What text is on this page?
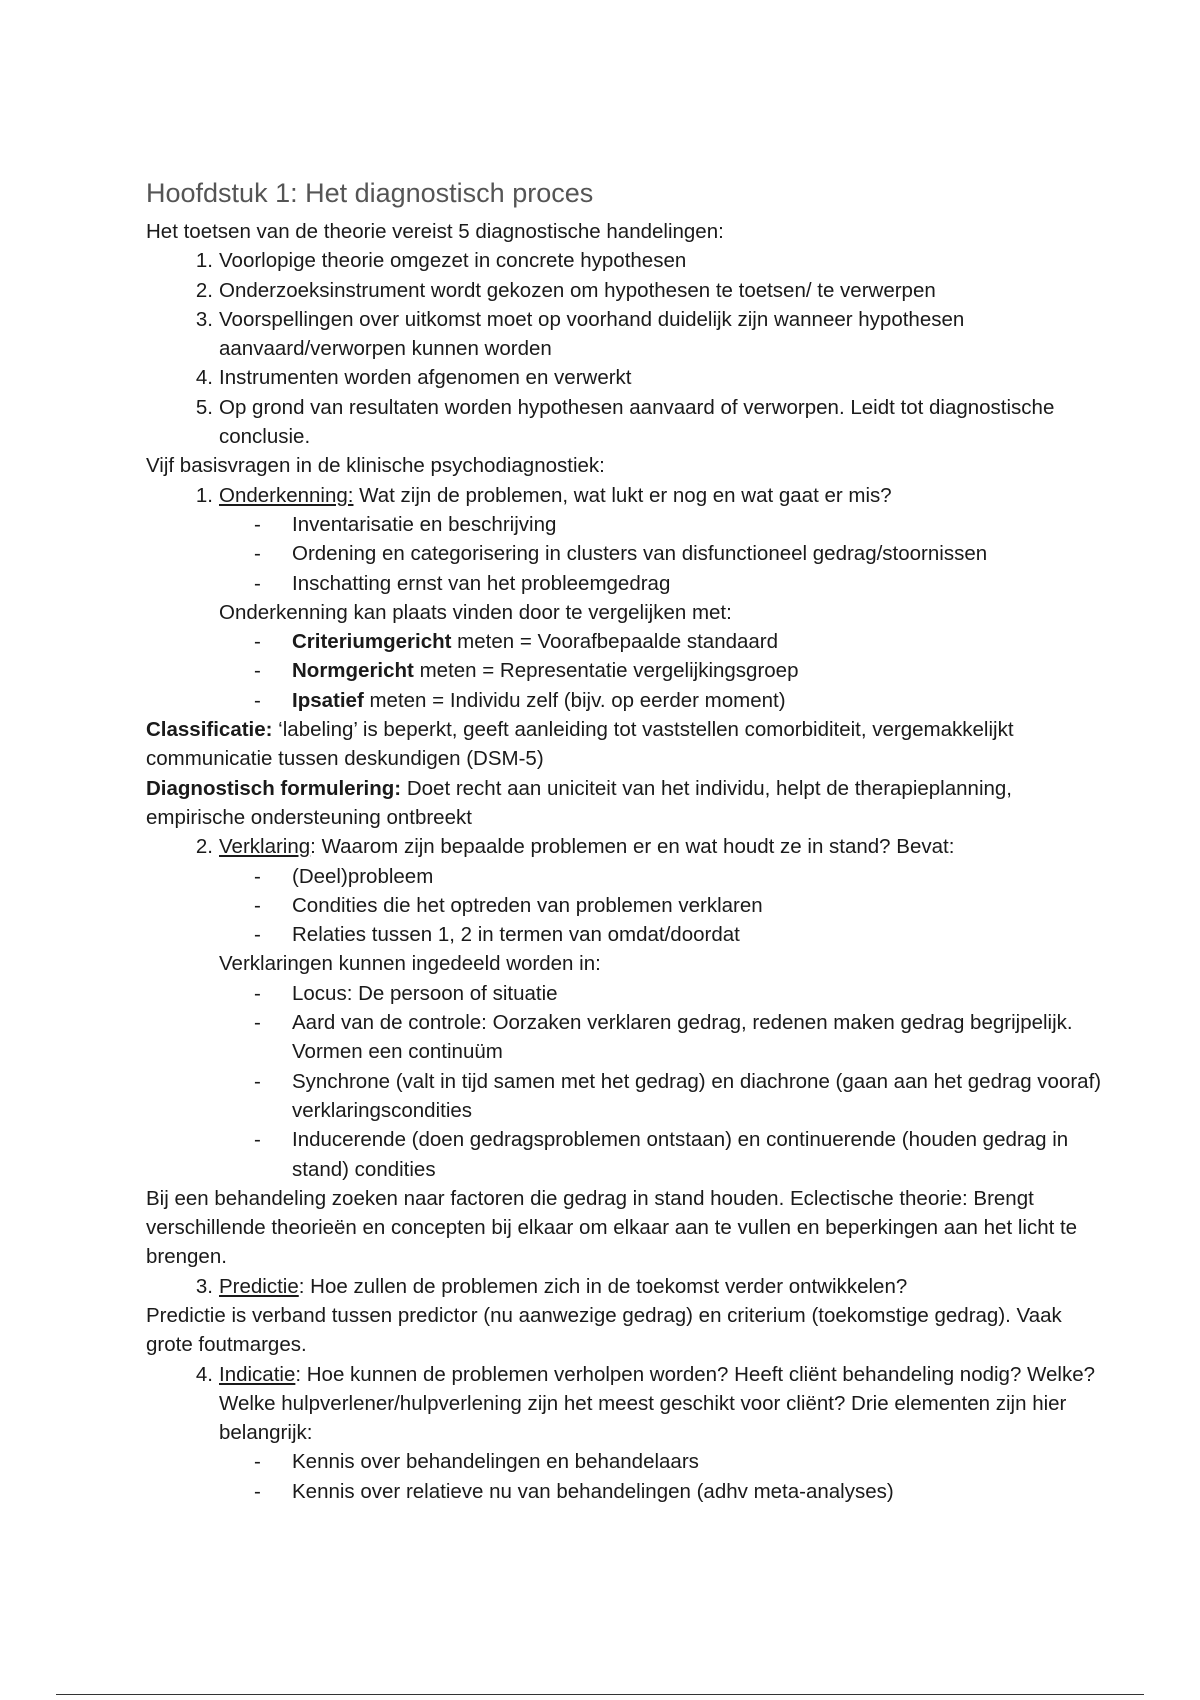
Hoofdstuk 1: Het diagnostisch proces

Het toetsen van de theorie vereist 5 diagnostische handelingen:

1. Voorlopige theorie omgezet in concrete hypothesen
2. Onderzoeksinstrument wordt gekozen om hypothesen te toetsen/ te verwerpen
3. Voorspellingen over uitkomst moet op voorhand duidelijk zijn wanneer hypothesen aanvaard/verworpen kunnen worden
4. Instrumenten worden afgenomen en verwerkt
5. Op grond van resultaten worden hypothesen aanvaard of verworpen. Leidt tot diagnostische conclusie.

Vijf basisvragen in de klinische psychodiagnostiek:

1. Onderkenning: Wat zijn de problemen, wat lukt er nog en wat gaat er mis?
- Inventarisatie en beschrijving
- Ordening en categorisering in clusters van disfunctioneel gedrag/stoornissen
- Inschatting ernst van het probleemgedrag

Onderkenning kan plaats vinden door te vergelijken met:

- Criteriumgericht meten = Voorafbepaalde standaard
- Normgericht meten = Representatie vergelijkingsgroep
- Ipsatief meten = Individu zelf (bijv. op eerder moment)

Classificatie: ‘labeling’ is beperkt, geeft aanleiding tot vaststellen comorbiditeit, vergemakkelijkt communicatie tussen deskundigen (DSM-5)

Diagnostisch formulering: Doet recht aan uniciteit van het individu, helpt de therapieplanning, empirische ondersteuning ontbreekt

2. Verklaring: Waarom zijn bepaalde problemen er en wat houdt ze in stand? Bevat:
- (Deel)probleem
- Condities die het optreden van problemen verklaren
- Relaties tussen 1, 2 in termen van omdat/doordat

Verklaringen kunnen ingedeeld worden in:

- Locus: De persoon of situatie
- Aard van de controle: Oorzaken verklaren gedrag, redenen maken gedrag begrijpelijk. Vormen een continuüm
- Synchrone (valt in tijd samen met het gedrag) en diachrone (gaan aan het gedrag vooraf) verklaringscondities
- Inducerende (doen gedragsproblemen ontstaan) en continuerende (houden gedrag in stand) condities

Bij een behandeling zoeken naar factoren die gedrag in stand houden. Eclectische theorie: Brengt verschillende theorieën en concepten bij elkaar om elkaar aan te vullen en beperkingen aan het licht te brengen.

3. Predictie: Hoe zullen de problemen zich in de toekomst verder ontwikkelen?

Predictie is verband tussen predictor (nu aanwezige gedrag) en criterium (toekomstige gedrag). Vaak grote foutmarges.

4. Indicatie: Hoe kunnen de problemen verholpen worden? Heeft cliënt behandeling nodig? Welke? Welke hulpverlener/hulpverlening zijn het meest geschikt voor cliënt? Drie elementen zijn hier belangrijk:
- Kennis over behandelingen en behandelaars
- Kennis over relatieve nu van behandelingen (adhv meta-analyses)
